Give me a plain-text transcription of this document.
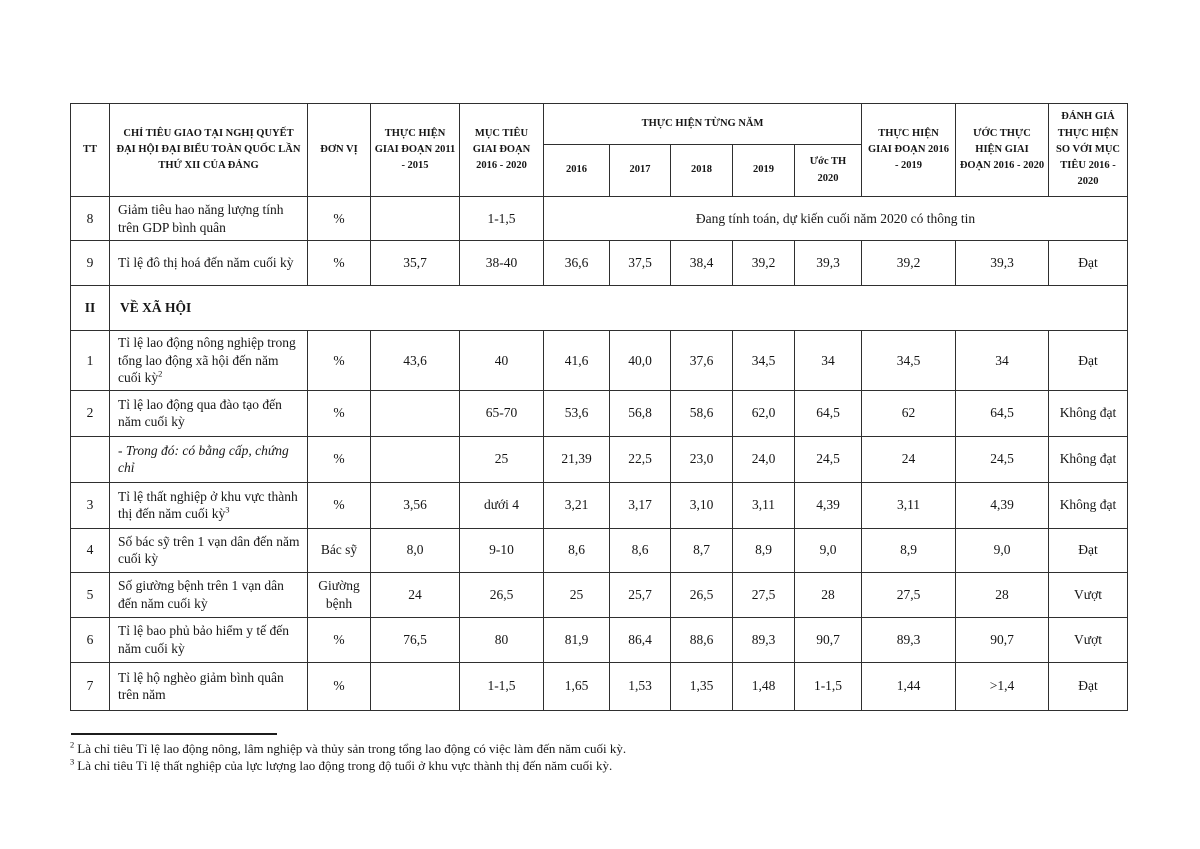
TT	CHỈ TIÊU GIAO TẠI NGHỊ QUYẾT ĐẠI HỘI ĐẠI BIỂU TOÀN QUỐC LẦN THỨ XII CỦA ĐẢNG	ĐƠN VỊ	THỰC HIỆN GIAI ĐOẠN 2011 - 2015	MỤC TIÊU GIAI ĐOẠN 2016 - 2020	THỰC HIỆN TỪNG NĂM					THỰC HIỆN GIAI ĐOẠN 2016 - 2019	ƯỚC THỰC HIỆN GIAI ĐOẠN 2016 - 2020	ĐÁNH GIÁ THỰC HIỆN SO VỚI MỤC TIÊU 2016 - 2020
					2016	2017	2018	2019	Ước TH 2020			
8	Giảm tiêu hao năng lượng tính trên GDP bình quân	%		1-1,5	Đang tính toán, dự kiến cuối năm 2020 có thông tin							
9	Tỉ lệ đô thị hoá đến năm cuối kỳ	%	35,7	38-40	36,6	37,5	38,4	39,2	39,3	39,2	39,3	Đạt
II	VỀ XÃ HỘI											
1	Tỉ lệ lao động nông nghiệp trong tổng lao động xã hội đến năm cuối kỳ$^2$	%	43,6	40	41,6	40,0	37,6	34,5	34	34,5	34	Đạt
2	Tỉ lệ lao động qua đào tạo đến năm cuối kỳ	%		65-70	53,6	56,8	58,6	62,0	64,5	62	64,5	Không đạt
	- Trong đó: có bằng cấp, chứng chỉ	%		25	21,39	22,5	23,0	24,0	24,5	24	24,5	Không đạt
3	Tỉ lệ thất nghiệp ở khu vực thành thị đến năm cuối kỳ$^3$	%	3,56	dưới 4	3,21	3,17	3,10	3,11	4,39	3,11	4,39	Không đạt
4	Số bác sỹ trên 1 vạn dân đến năm cuối kỳ	Bác sỹ	8,0	9-10	8,6	8,6	8,7	8,9	9,0	8,9	9,0	Đạt
5	Số giường bệnh trên 1 vạn dân đến năm cuối kỳ	Giường bệnh	24	26,5	25	25,7	26,5	27,5	28	27,5	28	Vượt
6	Tỉ lệ bao phủ bảo hiểm y tế đến năm cuối kỳ	%	76,5	80	81,9	86,4	88,6	89,3	90,7	89,3	90,7	Vượt
7	Tỉ lệ hộ nghèo giảm bình quân trên năm	%		1-1,5	1,65	1,53	1,35	1,48	1-1,5	1,44	>1,4	Đạt
$^2$ Là chỉ tiêu Tỉ lệ lao động nông, lâm nghiệp và thủy sản trong tổng lao động có việc làm đến năm cuối kỳ.
$^3$ Là chỉ tiêu Tỉ lệ thất nghiệp của lực lượng lao động trong độ tuổi ở khu vực thành thị đến năm cuối kỳ.
